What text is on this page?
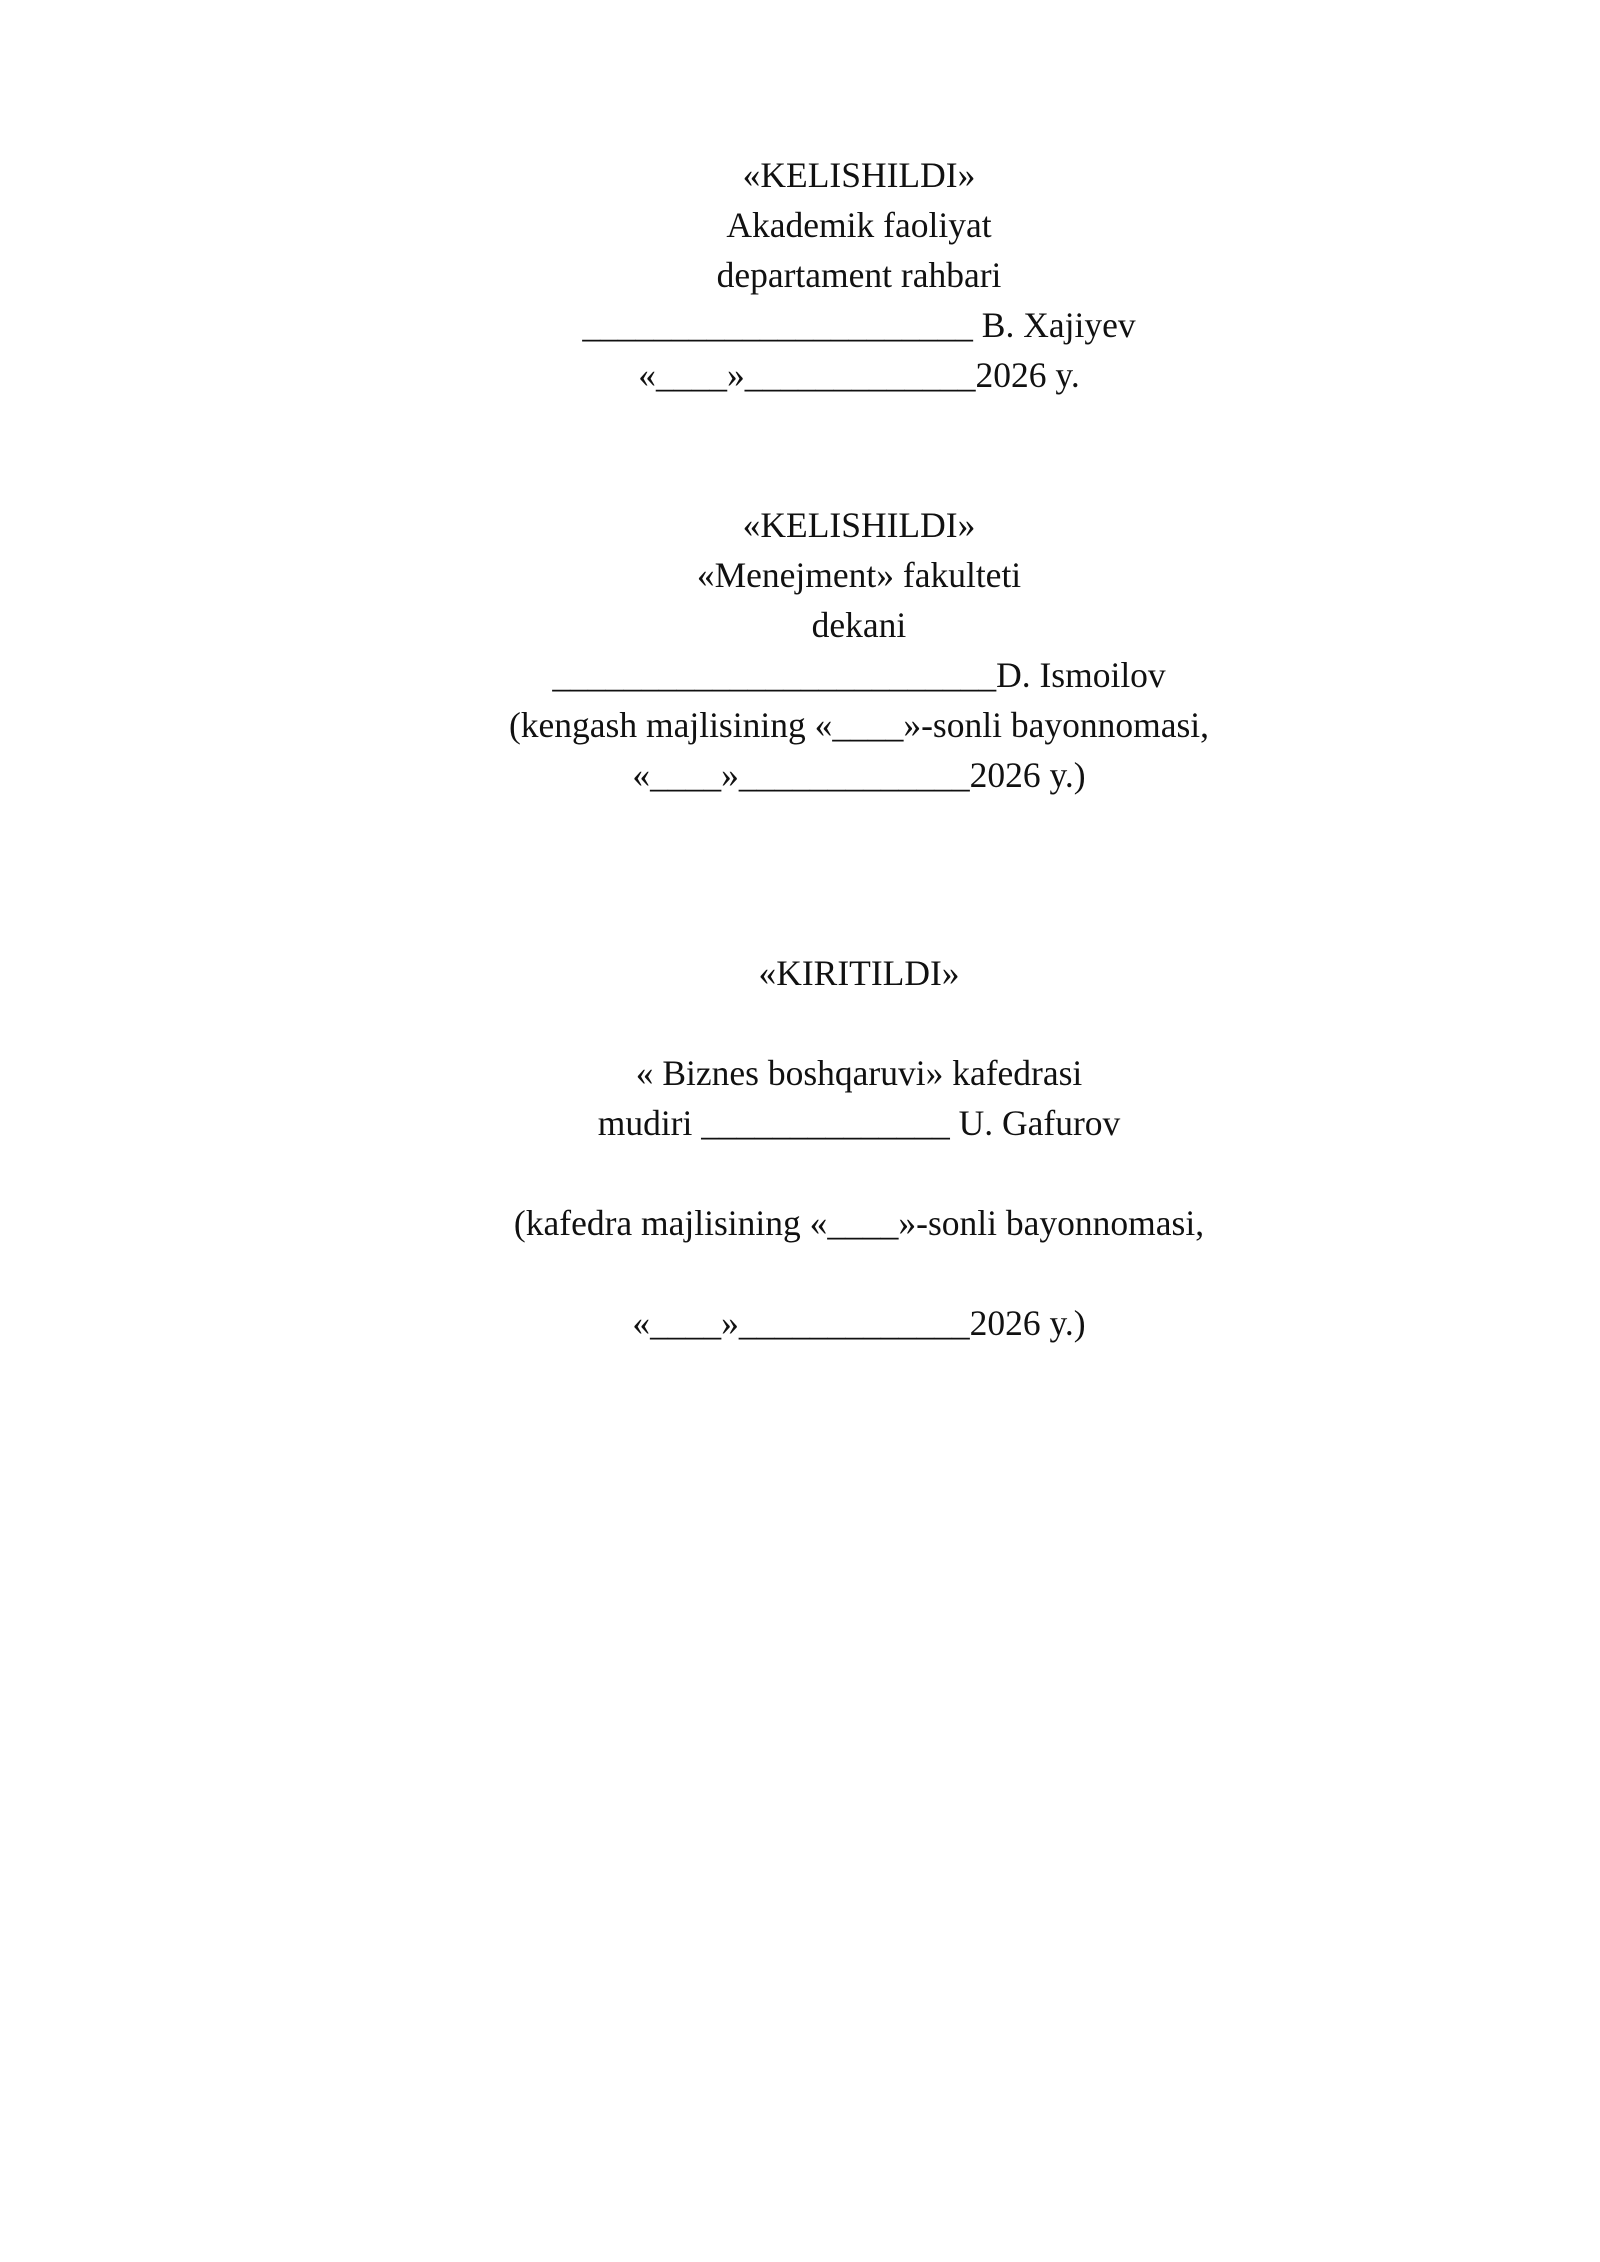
«KELISHILDI»
Akademik faoliyat
departament rahbari
______________________ B. Xajiyev
«____»_____________2026 y.
«KELISHILDI»
«Menejment» fakulteti
dekani
_________________________D. Ismoilov
(kengash majlisining «____»-sonli bayonnomasi,
«____»_____________2026 y.)
«KIRITILDI»
« Biznes boshqaruvi» kafedrasi
mudiri ______________ U. Gafurov
(kafedra majlisining «____»-sonli bayonnomasi,
«____»_____________2026 y.)
